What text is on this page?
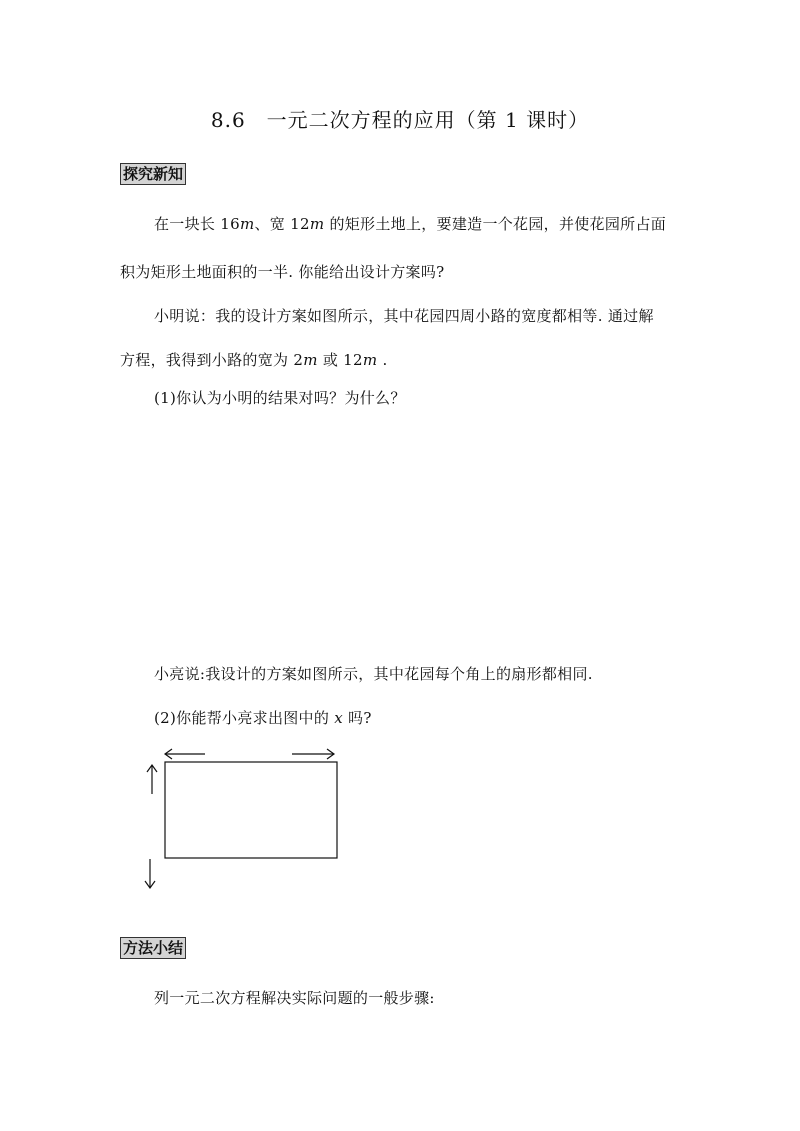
8.6　一元二次方程的应用（第 1 课时）
探究新知
在一块长 16m、宽 12m 的矩形土地上，要建造一个花园，并使花园所占面
积为矩形土地面积的一半. 你能给出设计方案吗?
小明说：我的设计方案如图所示，其中花园四周小路的宽度都相等. 通过解
方程，我得到小路的宽为 2m 或 12m .
(1)你认为小明的结果对吗？为什么？
小亮说:我设计的方案如图所示，其中花园每个角上的扇形都相同.
(2)你能帮小亮求出图中的 x 吗?
方法小结
列一元二次方程解决实际问题的一般步骤:
